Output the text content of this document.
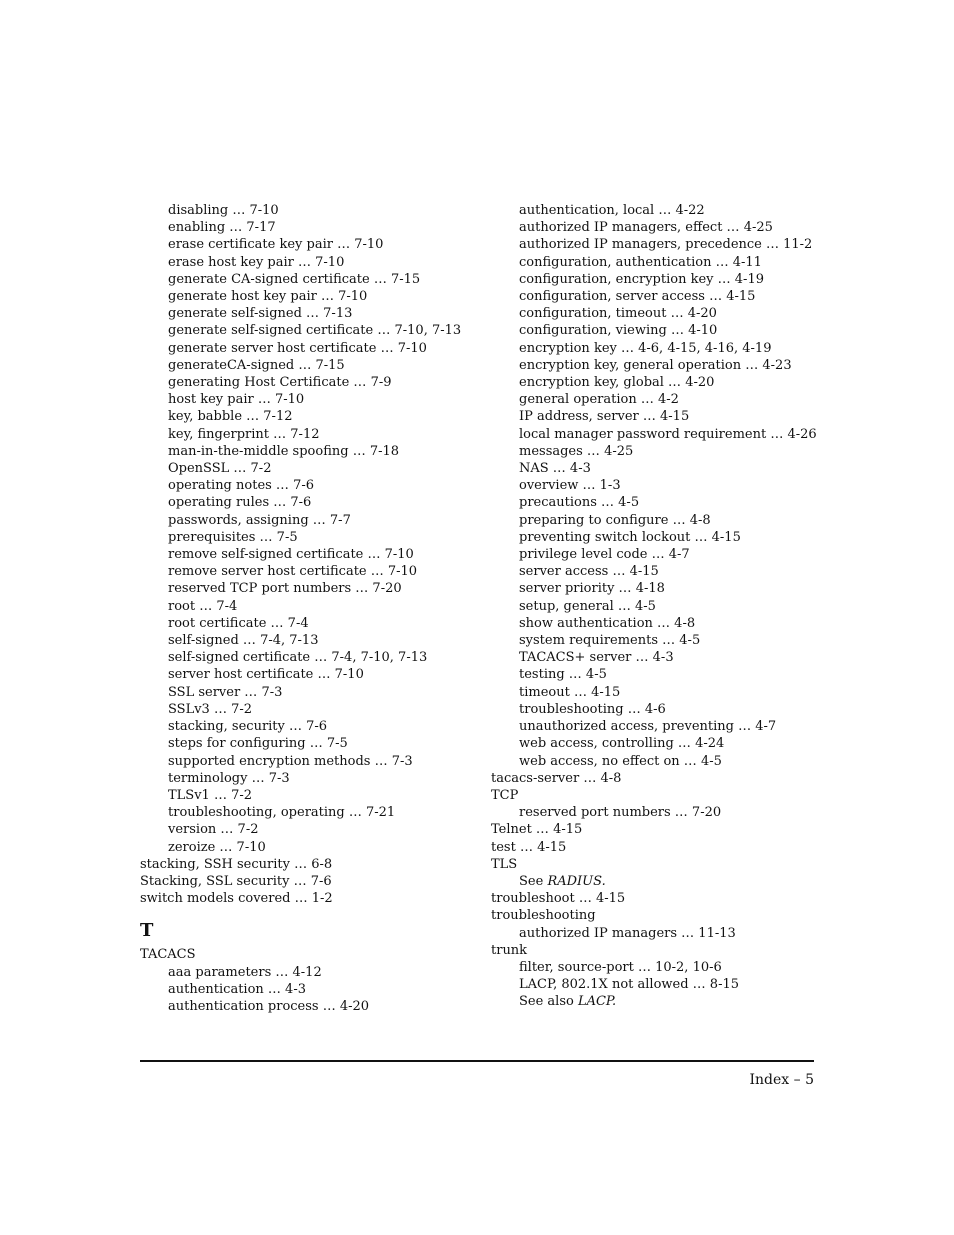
disabling … 7-10
enabling … 7-17
erase certificate key pair … 7-10
erase host key pair … 7-10
generate CA-signed certificate … 7-15
generate host key pair … 7-10
generate self-signed … 7-13
generate self-signed certificate … 7-10, 7-13
generate server host certificate … 7-10
generateCA-signed … 7-15
generating Host Certificate … 7-9
host key pair … 7-10
key, babble … 7-12
key, fingerprint … 7-12
man-in-the-middle spoofing … 7-18
OpenSSL … 7-2
operating notes … 7-6
operating rules … 7-6
passwords, assigning … 7-7
prerequisites … 7-5
remove self-signed certificate … 7-10
remove server host certificate … 7-10
reserved TCP port numbers … 7-20
root … 7-4
root certificate … 7-4
self-signed … 7-4, 7-13
self-signed certificate … 7-4, 7-10, 7-13
server host certificate … 7-10
SSL server … 7-3
SSLv3 … 7-2
stacking, security … 7-6
steps for configuring … 7-5
supported encryption methods … 7-3
terminology … 7-3
TLSv1 … 7-2
troubleshooting, operating … 7-21
version … 7-2
zeroize … 7-10
stacking, SSH security … 6-8
Stacking, SSL security … 7-6
switch models covered … 1-2
T
TACACS
aaa parameters … 4-12
authentication … 4-3
authentication process … 4-20
authentication, local … 4-22
authorized IP managers, effect … 4-25
authorized IP managers, precedence … 11-2
configuration, authentication … 4-11
configuration, encryption key … 4-19
configuration, server access … 4-15
configuration, timeout … 4-20
configuration, viewing … 4-10
encryption key … 4-6, 4-15, 4-16, 4-19
encryption key, general operation … 4-23
encryption key, global … 4-20
general operation … 4-2
IP address, server … 4-15
local manager password requirement … 4-26
messages … 4-25
NAS … 4-3
overview … 1-3
precautions … 4-5
preparing to configure … 4-8
preventing switch lockout … 4-15
privilege level code … 4-7
server access … 4-15
server priority … 4-18
setup, general … 4-5
show authentication … 4-8
system requirements … 4-5
TACACS+ server … 4-3
testing … 4-5
timeout … 4-15
troubleshooting … 4-6
unauthorized access, preventing … 4-7
web access, controlling … 4-24
web access, no effect on … 4-5
tacacs-server … 4-8
TCP
reserved port numbers … 7-20
Telnet … 4-15
test … 4-15
TLS
See RADIUS.
troubleshoot … 4-15
troubleshooting
authorized IP managers … 11-13
trunk
filter, source-port … 10-2, 10-6
LACP, 802.1X not allowed … 8-15
See also LACP.
Index – 5
